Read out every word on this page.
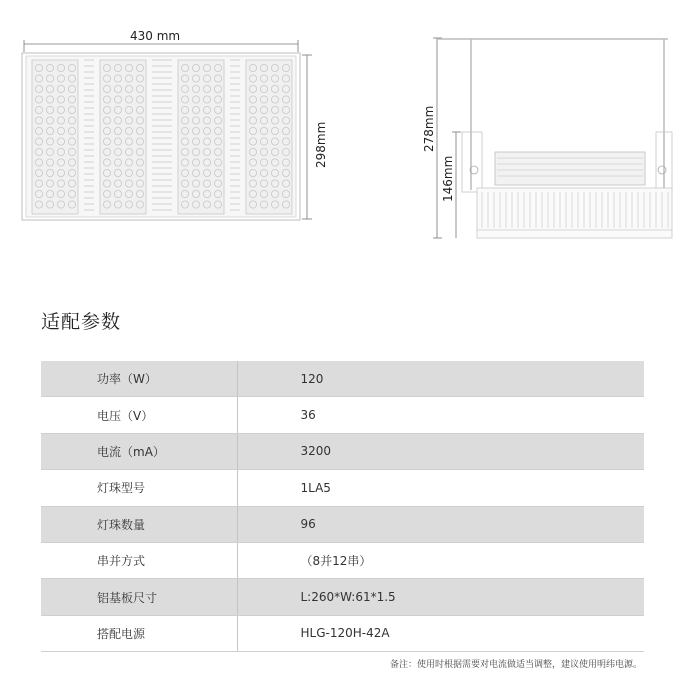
430 mm
298mm	278mm
146mm
适配参数
功率（W）	120
电压（V）	36
电流（mA）	3200
灯珠型号	1LA5
灯珠数量	96
串并方式	（8并12串）
铝基板尺寸	L:260*W:61*1.5
搭配电源	HLG-120H-42A
备注：使用时根据需要对电流做适当调整，建议使用明纬电源。
